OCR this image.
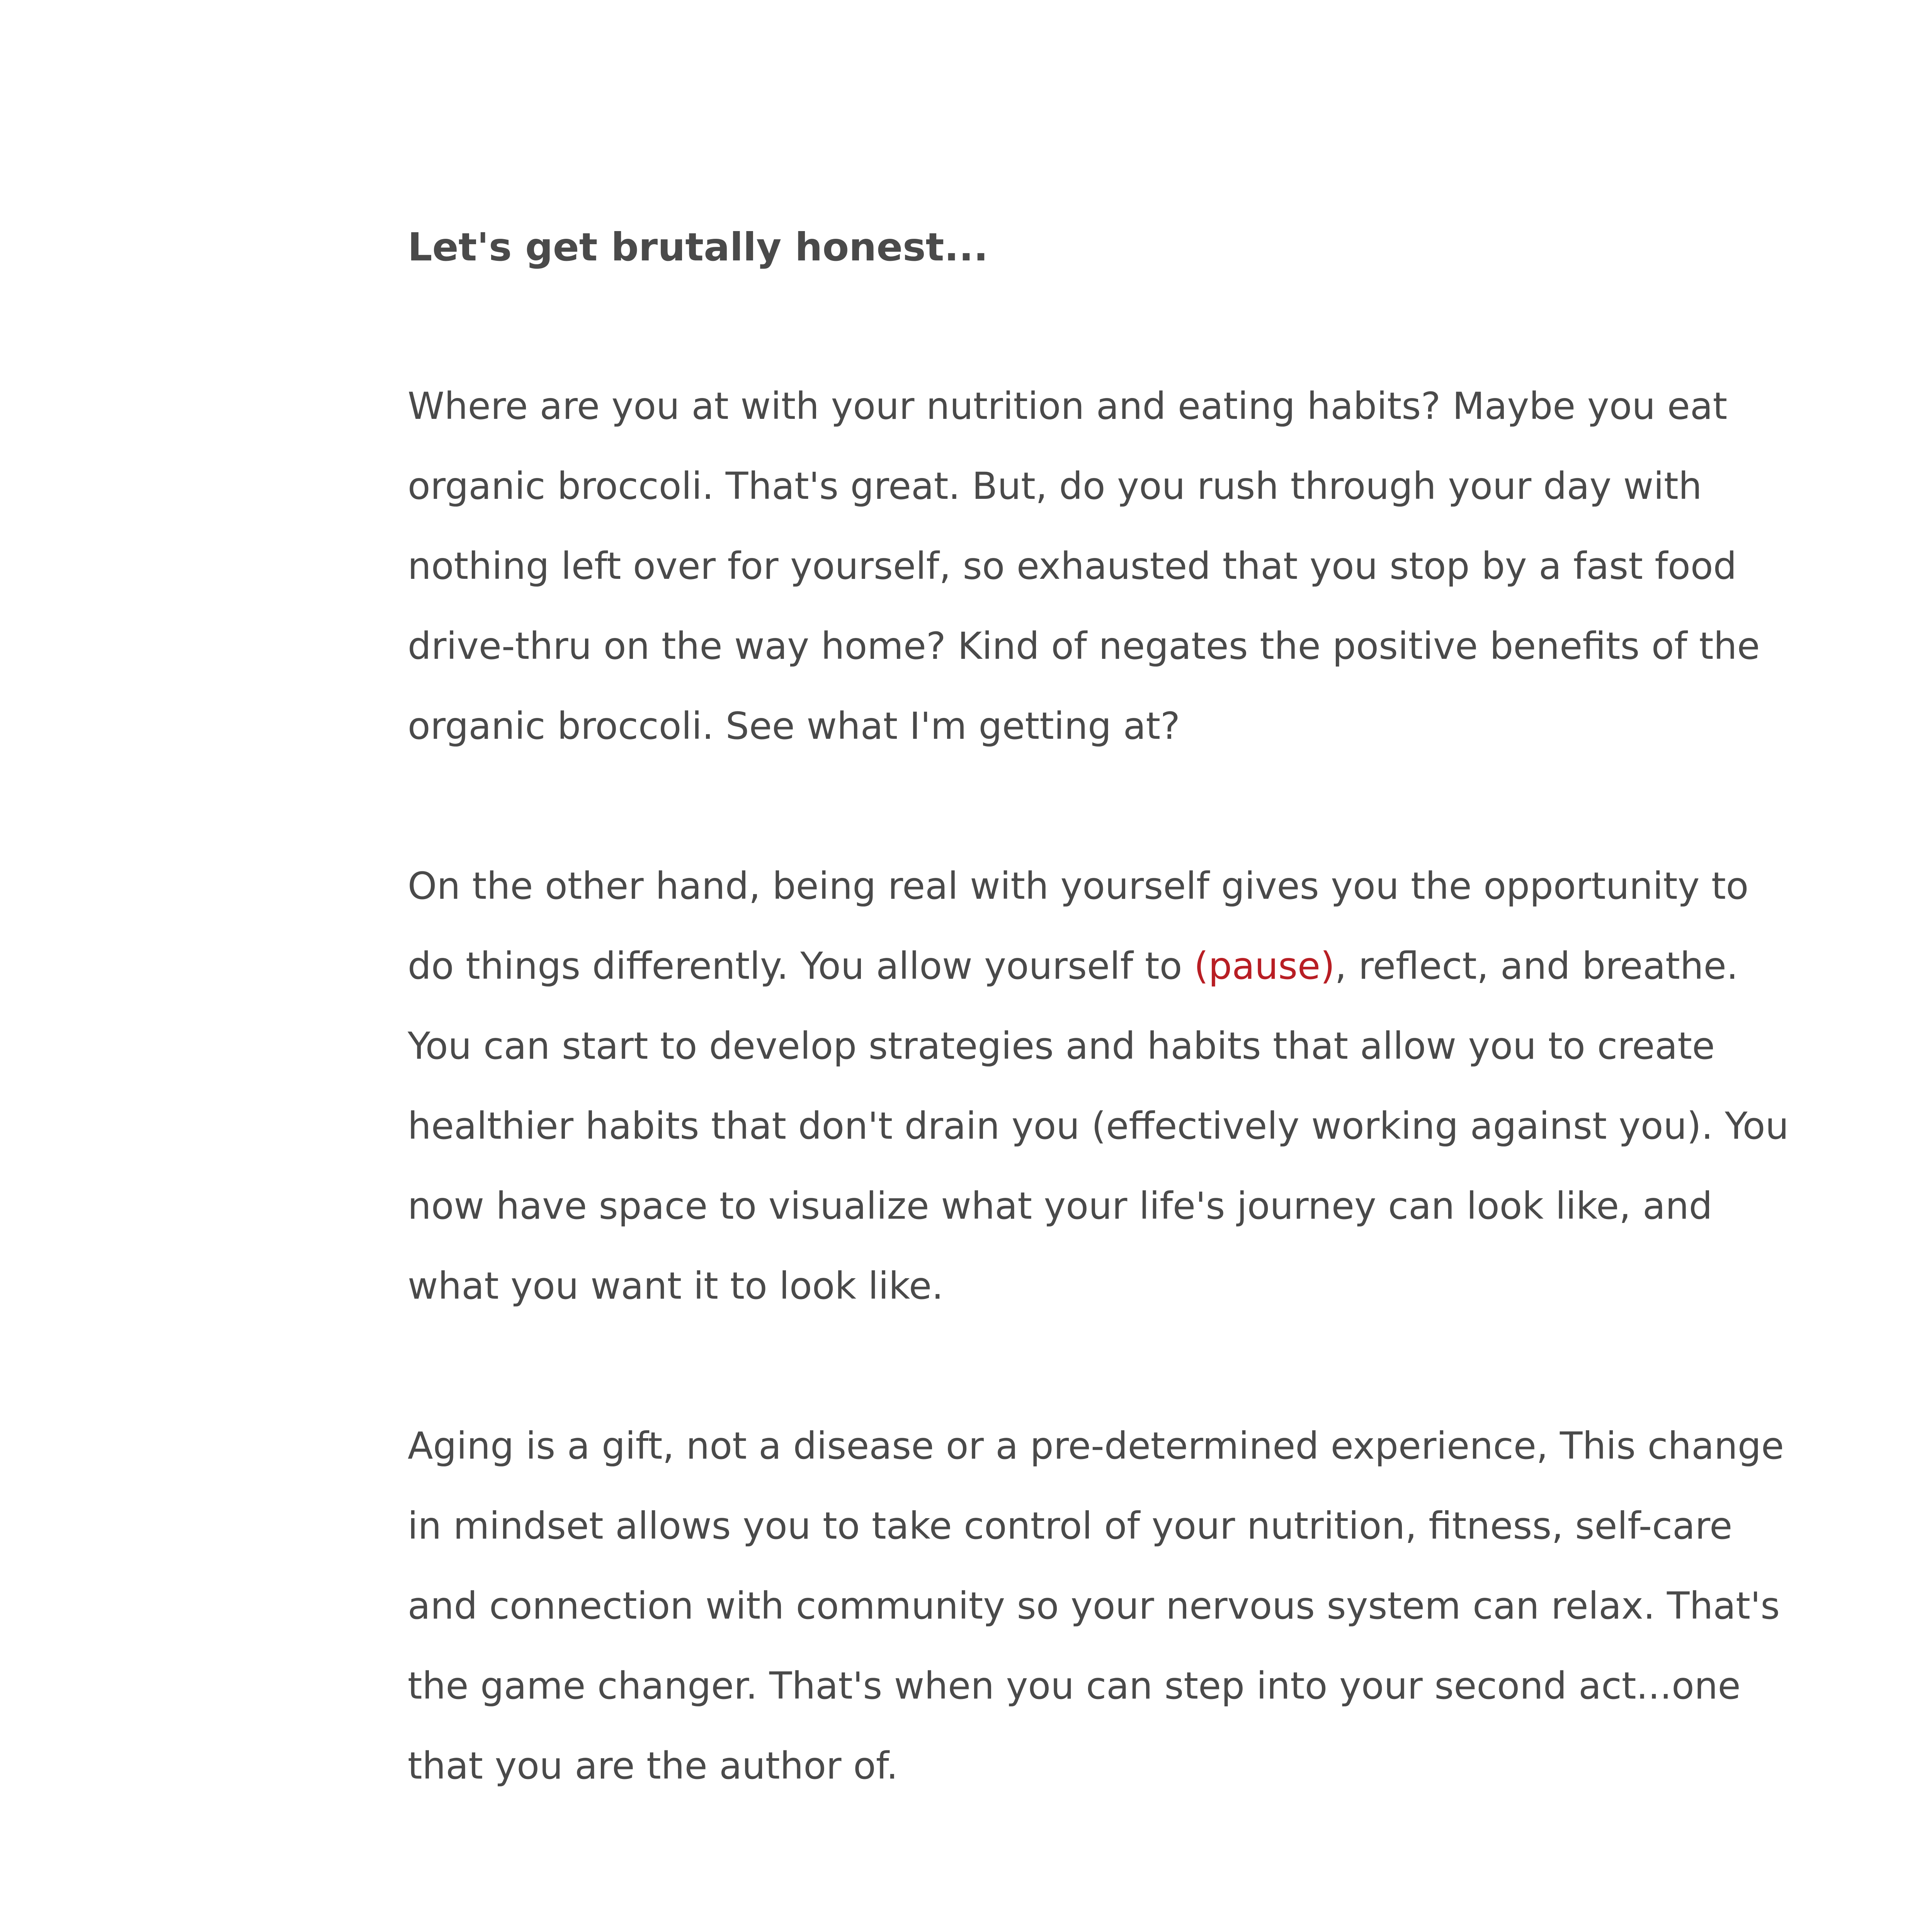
Let's get brutally honest...

Where are you at with your nutrition and eating habits? Maybe you eat organic broccoli. That's great. But, do you rush through your day with nothing left over for yourself, so exhausted that you stop by a fast food drive-thru on the way home? Kind of negates the positive benefits of the organic broccoli. See what I'm getting at?

On the other hand, being real with yourself gives you the opportunity to do things differently. You allow yourself to (pause), reflect, and breathe. You can start to develop strategies and habits that allow you to create healthier habits that don't drain you (effectively working against you). You now have space to visualize what your life's journey can look like, and what you want it to look like.

Aging is a gift, not a disease or a pre-determined experience, This change in mindset allows you to take control of your nutrition, fitness, self-care and connection with community so your nervous system can relax. That's the game changer. That's when you can step into your second act...one that you are the author of.
